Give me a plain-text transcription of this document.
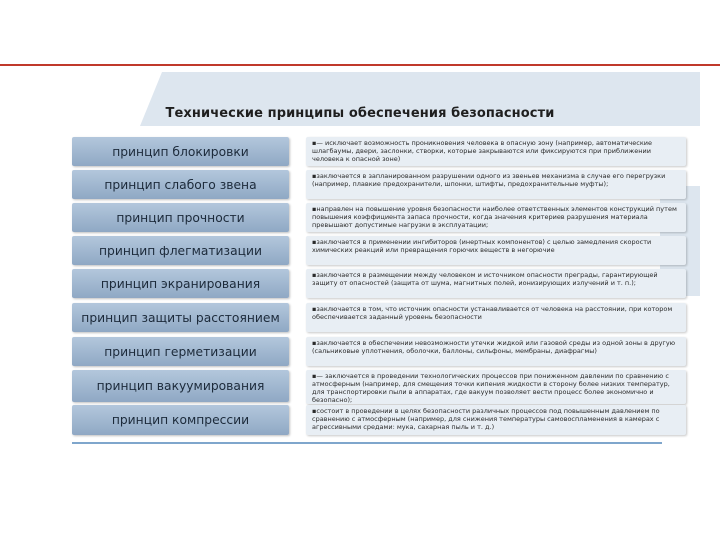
Технические принципы обеспечения безопасности
принцип блокировки
▪— исключает возможность проникновения человека в опасную зону (например, автоматические шлагбаумы, двери, заслонки, створки, которые закрываются или фиксируются при приближении человека к опасной зоне)
принцип слабого звена
▪заключается в запланированном разрушении одного из звеньев механизма в случае его перегрузки (например, плавкие предохранители, шпонки, штифты, предохранительные муфты);
принцип прочности
▪направлен на повышение уровня безопасности наиболее ответственных элементов конструкций путем повышения коэффициента запаса прочности, когда значения критериев разрушения материала превышают допустимые нагрузки в эксплуатации;
принцип флегматизации
▪заключается в применении ингибиторов (инертных компонентов) с целью замедления скорости химических реакций или превращения горючих веществ в негорючие
принцип экранирования
▪заключается в размещении между человеком и источником опасности преграды, гарантирующей защиту от опасностей (защита от шума, магнитных полей, ионизирующих излучений и т. п.);
принцип защиты расстоянием
▪заключается в том, что источник опасности устанавливается от человека на расстоянии, при котором обеспечивается заданный уровень безопасности
принцип герметизации
▪заключается в обеспечении невозможности утечки жидкой или газовой среды из одной зоны в другую (сальниковые уплотнения, оболочки, баллоны, сильфоны, мембраны, диафрагмы)
принцип вакуумирования
▪— заключается в проведении технологических процессов при пониженном давлении по сравнению с атмосферным (например, для смещения точки кипения жидкости в сторону более низких температур, для транспортировки пыли в аппаратах, где вакуум позволяет вести процесс более экономично и безопасно);
принцип компрессии
▪состоит в проведении в целях безопасности различных процессов под повышенным давлением по сравнению с атмосферным (например, для снижения температуры самовоспламенения в камерах с агрессивными средами: мука, сахарная пыль и т. д.)
